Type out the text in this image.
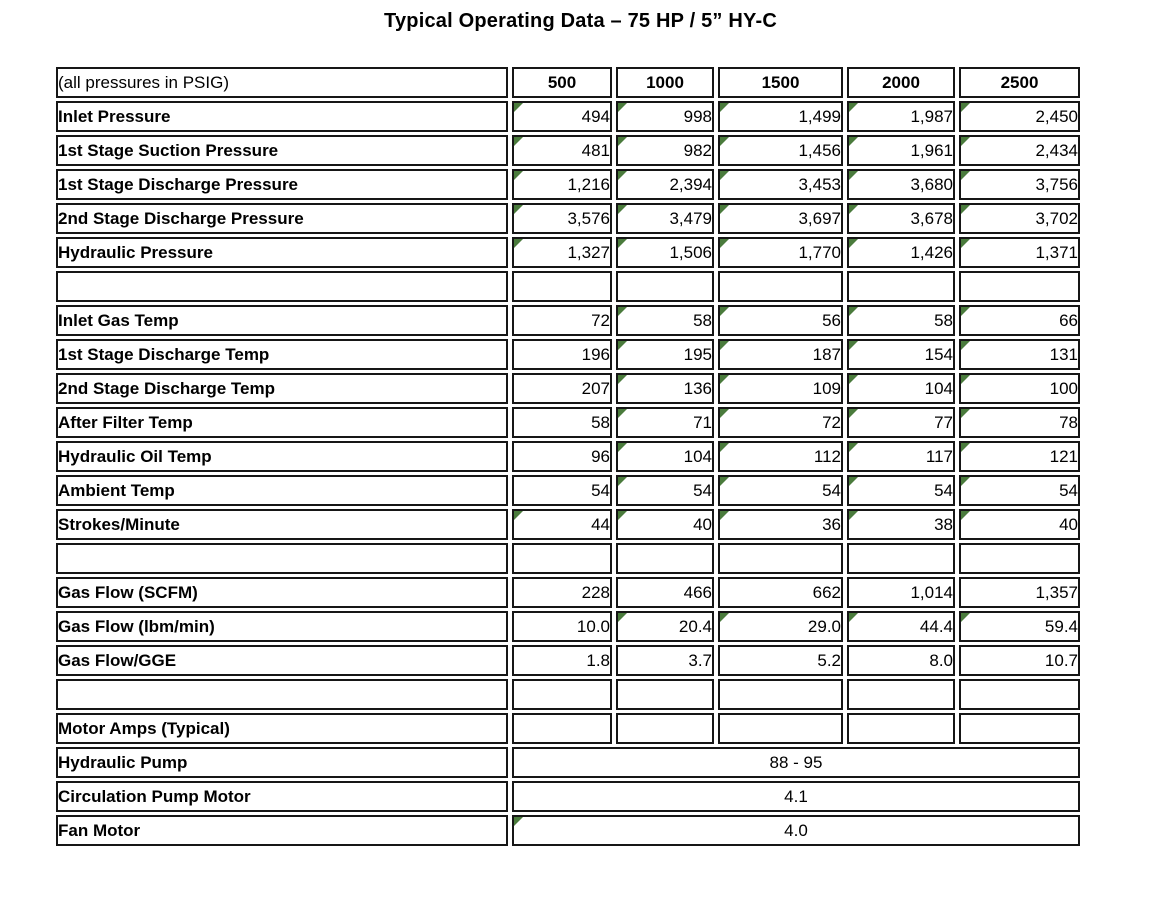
Typical Operating Data – 75 HP / 5” HY-C
(all pressures in PSIG)	500	1000	1500	2000	2500
Inlet Pressure	494	998	1,499	1,987	2,450

1st Stage Suction Pressure	481	982	1,456	1,961	2,434

1st Stage Discharge Pressure	1,216	2,394	3,453	3,680	3,756

2nd Stage Discharge Pressure	3,576	3,479	3,697	3,678	3,702

Hydraulic Pressure	1,327	1,506	1,770	1,426	1,371

Inlet Gas Temp	72	58	56	58	66

1st Stage Discharge Temp	196	195	187	154	131

2nd Stage Discharge Temp	207	136	109	104	100

After Filter Temp	58	71	72	77	78

Hydraulic Oil Temp	96	104	112	117	121

Ambient Temp	54	54	54	54	54

Strokes/Minute	44	40	36	38	40

Gas Flow (SCFM)	228	466	662	1,014	1,357
Gas Flow (lbm/min)	10.0	20.4	29.0	44.4	59.4

Gas Flow/GGE	1.8	3.7	5.2	8.0	10.7

Motor Amps (Typical)					
Hydraulic Pump	88 - 95				
Circulation Pump Motor	4.1				
Fan Motor	4.0				
